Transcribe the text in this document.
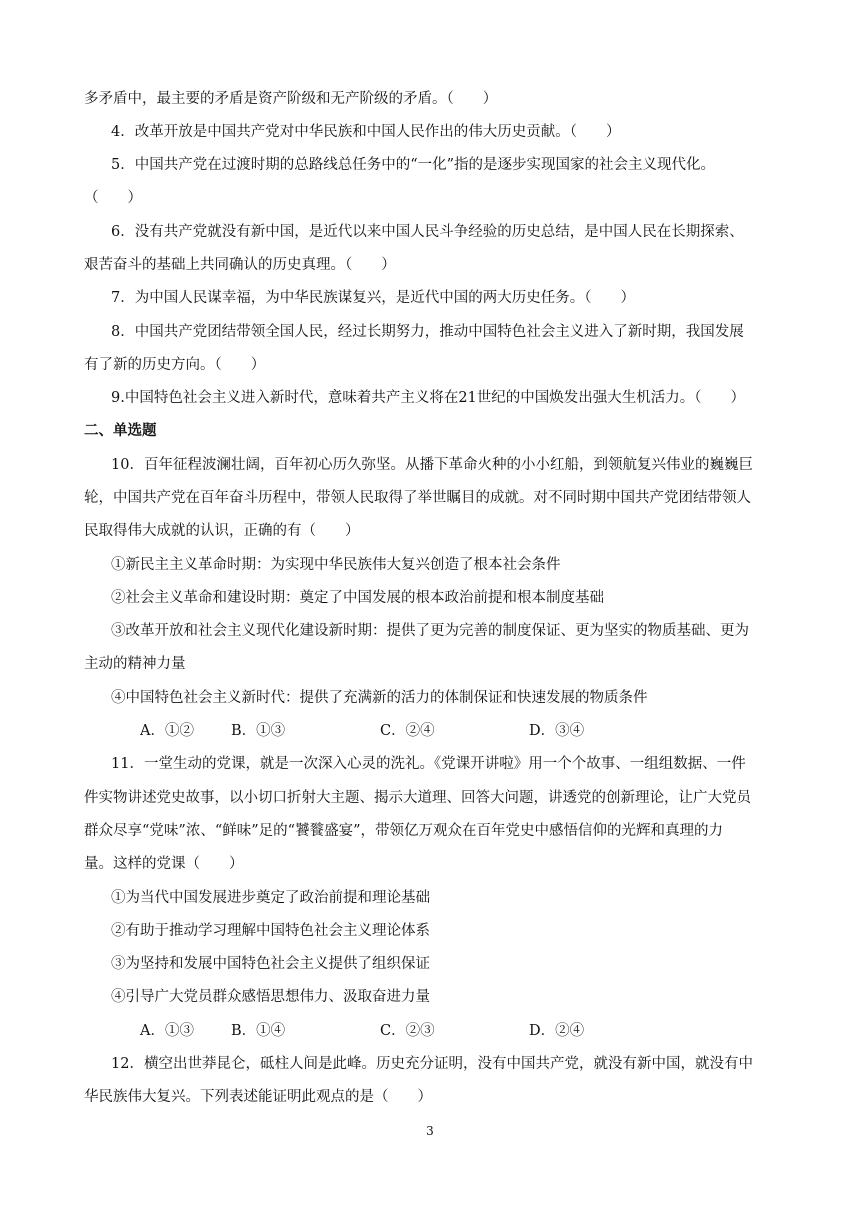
多矛盾中，最主要的矛盾是资产阶级和无产阶级的矛盾。（　　）
4．改革开放是中国共产党对中华民族和中国人民作出的伟大历史贡献。（　　）
5．中国共产党在过渡时期的总路线总任务中的“一化”指的是逐步实现国家的社会主义现代化。
（　　）
6．没有共产党就没有新中国，是近代以来中国人民斗争经验的历史总结，是中国人民在长期探索、
艰苦奋斗的基础上共同确认的历史真理。（　　）
7．为中国人民谋幸福，为中华民族谋复兴，是近代中国的两大历史任务。（　　）
8．中国共产党团结带领全国人民，经过长期努力，推动中国特色社会主义进入了新时期，我国发展
有了新的历史方向。（　　）
9.中国特色社会主义进入新时代，意味着共产主义将在21世纪的中国焕发出强大生机活力。（　　）
二、单选题
10．百年征程波澜壮阔，百年初心历久弥坚。从播下革命火种的小小红船，到领航复兴伟业的巍巍巨
轮，中国共产党在百年奋斗历程中，带领人民取得了举世瞩目的成就。对不同时期中国共产党团结带领人
民取得伟大成就的认识，正确的有（　　）
①新民主主义革命时期：为实现中华民族伟大复兴创造了根本社会条件
②社会主义革命和建设时期：奠定了中国发展的根本政治前提和根本制度基础
③改革开放和社会主义现代化建设新时期：提供了更为完善的制度保证、更为坚实的物质基础、更为
主动的精神力量
④中国特色社会主义新时代：提供了充满新的活力的体制保证和快速发展的物质条件
A．①②	B．①③	C．②④	D．③④
11．一堂生动的党课，就是一次深入心灵的洗礼。《党课开讲啦》用一个个故事、一组组数据、一件
件实物讲述党史故事，以小切口折射大主题、揭示大道理、回答大问题，讲透党的创新理论，让广大党员
群众尽享“党味”浓、“鲜味”足的“饕餮盛宴”，带领亿万观众在百年党史中感悟信仰的光辉和真理的力
量。这样的党课（　　）
①为当代中国发展进步奠定了政治前提和理论基础
②有助于推动学习理解中国特色社会主义理论体系
③为坚持和发展中国特色社会主义提供了组织保证
④引导广大党员群众感悟思想伟力、汲取奋进力量
A．①③	B．①④	C．②③	D．②④
12．横空出世莽昆仑，砥柱人间是此峰。历史充分证明，没有中国共产党，就没有新中国，就没有中
华民族伟大复兴。下列表述能证明此观点的是（　　）
3
